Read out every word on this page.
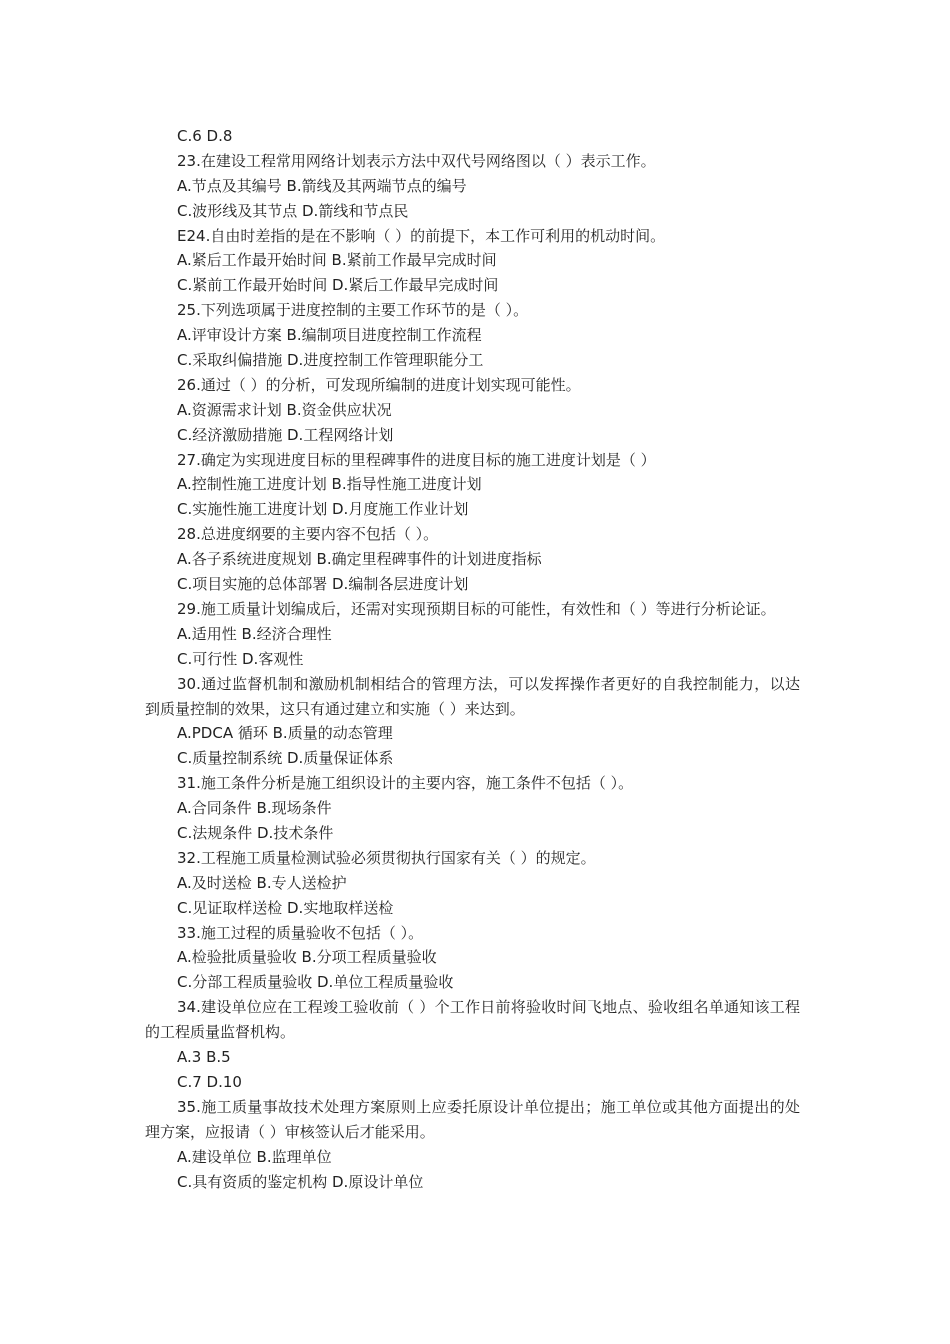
C.6 D.8
23.在建设工程常用网络计划表示方法中双代号网络图以（ ）表示工作。
A.节点及其编号 B.箭线及其两端节点的编号
C.波形线及其节点 D.箭线和节点民
E24.自由时差指的是在不影响（ ）的前提下，本工作可利用的机动时间。
A.紧后工作最开始时间 B.紧前工作最早完成时间
C.紧前工作最开始时间 D.紧后工作最早完成时间
25.下列选项属于进度控制的主要工作环节的是（ ）。
A.评审设计方案 B.编制项目进度控制工作流程
C.采取纠偏措施 D.进度控制工作管理职能分工
26.通过（ ）的分析，可发现所编制的进度计划实现可能性。
A.资源需求计划 B.资金供应状况
C.经济激励措施 D.工程网络计划
27.确定为实现进度目标的里程碑事件的进度目标的施工进度计划是（ ）
A.控制性施工进度计划 B.指导性施工进度计划
C.实施性施工进度计划 D.月度施工作业计划
28.总进度纲要的主要内容不包括（ ）。
A.各子系统进度规划 B.确定里程碑事件的计划进度指标
C.项目实施的总体部署 D.编制各层进度计划
29.施工质量计划编成后，还需对实现预期目标的可能性，有效性和（ ）等进行分析论证。
A.适用性 B.经济合理性
C.可行性 D.客观性
30.通过监督机制和激励机制相结合的管理方法，可以发挥操作者更好的自我控制能力，以达到质量控制的效果，这只有通过建立和实施（ ）来达到。
A.PDCA 循环 B.质量的动态管理
C.质量控制系统 D.质量保证体系
31.施工条件分析是施工组织设计的主要内容，施工条件不包括（ ）。
A.合同条件 B.现场条件
C.法规条件 D.技术条件
32.工程施工质量检测试验必须贯彻执行国家有关（ ）的规定。
A.及时送检 B.专人送检护
C.见证取样送检 D.实地取样送检
33.施工过程的质量验收不包括（ ）。
A.检验批质量验收 B.分项工程质量验收
C.分部工程质量验收 D.单位工程质量验收
34.建设单位应在工程竣工验收前（ ）个工作日前将验收时间飞地点、验收组名单通知该工程的工程质量监督机构。
A.3 B.5
C.7 D.10
35.施工质量事故技术处理方案原则上应委托原设计单位提出；施工单位或其他方面提出的处理方案，应报请（ ）审核签认后才能采用。
A.建设单位 B.监理单位
C.具有资质的鉴定机构 D.原设计单位
